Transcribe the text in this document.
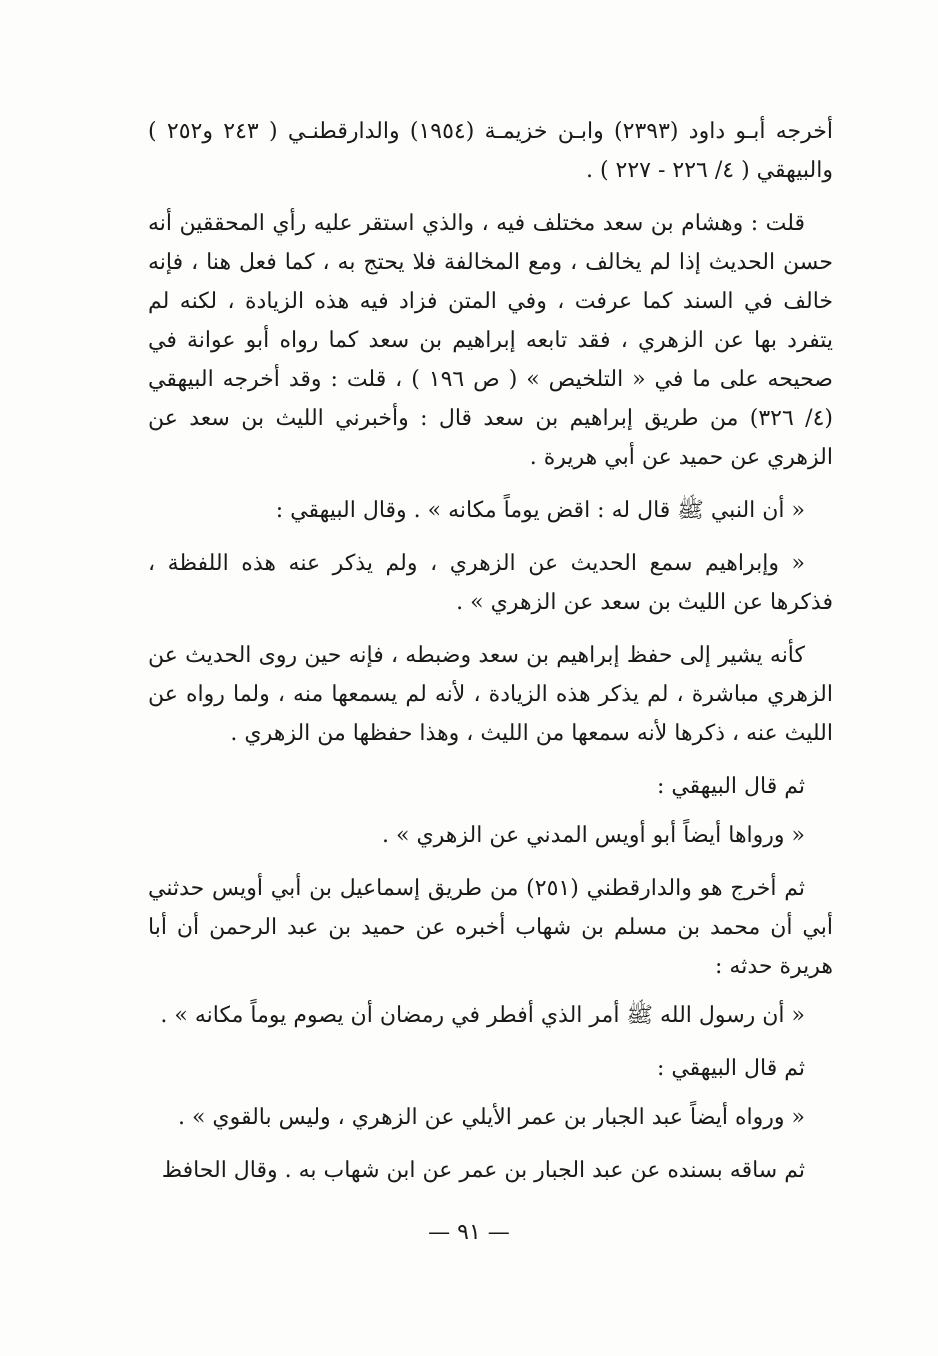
أخرجه أبـو داود (٢٣٩٣) وابـن خزيمـة (١٩٥٤) والدارقطنـي ( ٢٤٣ و٢٥٢ ) والبيهقي ( ٤/ ٢٢٦ - ٢٢٧ ) .

قلت : وهشام بن سعد مختلف فيه ، والذي استقر عليه رأي المحققين أنه حسن الحديث إذا لم يخالف ، ومع المخالفة فلا يحتج به ، كما فعل هنا ، فإنه خالف في السند كما عرفت ، وفي المتن فزاد فيه هذه الزيادة ، لكنه لم يتفرد بها عن الزهري ، فقد تابعه إبراهيم بن سعد كما رواه أبو عوانة في صحيحه على ما في « التلخيص » ( ص ١٩٦ ) ، قلت : وقد أخرجه البيهقي (٤/ ٣٢٦) من طريق إبراهيم بن سعد قال : وأخبرني الليث بن سعد عن الزهري عن حميد عن أبي هريرة .

« أن النبي ﷺ قال له : اقض يوماً مكانه » . وقال البيهقي :

« وإبراهيم سمع الحديث عن الزهري ، ولم يذكر عنه هذه اللفظة ، فذكرها عن الليث بن سعد عن الزهري » .

كأنه يشير إلى حفظ إبراهيم بن سعد وضبطه ، فإنه حين روى الحديث عن الزهري مباشرة ، لم يذكر هذه الزيادة ، لأنه لم يسمعها منه ، ولما رواه عن الليث عنه ، ذكرها لأنه سمعها من الليث ، وهذا حفظها من الزهري .

ثم قال البيهقي :

« ورواها أيضاً أبو أويس المدني عن الزهري » .

ثم أخرج هو والدارقطني (٢٥١) من طريق إسماعيل بن أبي أويس حدثني أبي أن محمد بن مسلم بن شهاب أخبره عن حميد بن عبد الرحمن أن أبا هريرة حدثه :

« أن رسول الله ﷺ أمر الذي أفطر في رمضان أن يصوم يوماً مكانه » .

ثم قال البيهقي :

« ورواه أيضاً عبد الجبار بن عمر الأيلي عن الزهري ، وليس بالقوي » .

ثم ساقه بسنده عن عبد الجبار بن عمر عن ابن شهاب به . وقال الحافظ

— ٩١ —
